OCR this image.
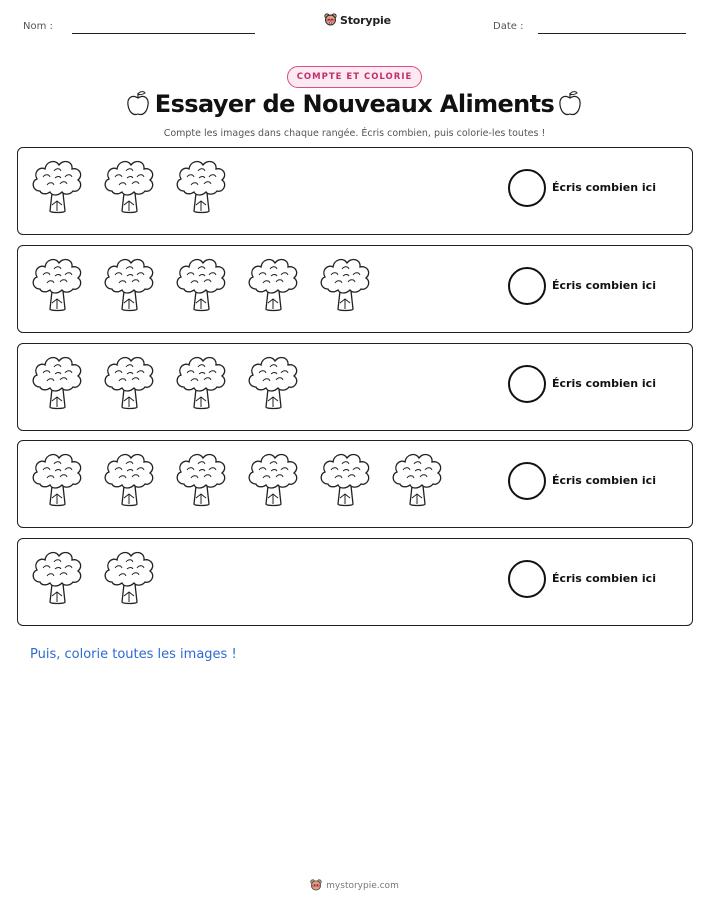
Nom :	Storypie	Date :
COMPTE ET COLORIE
Essayer de Nouveaux Aliments
Compte les images dans chaque rangée. Écris combien, puis colorie-les toutes !
Écris combien ici
Écris combien ici
Écris combien ici
Écris combien ici
Écris combien ici
Puis, colorie toutes les images !
mystorypie.com
